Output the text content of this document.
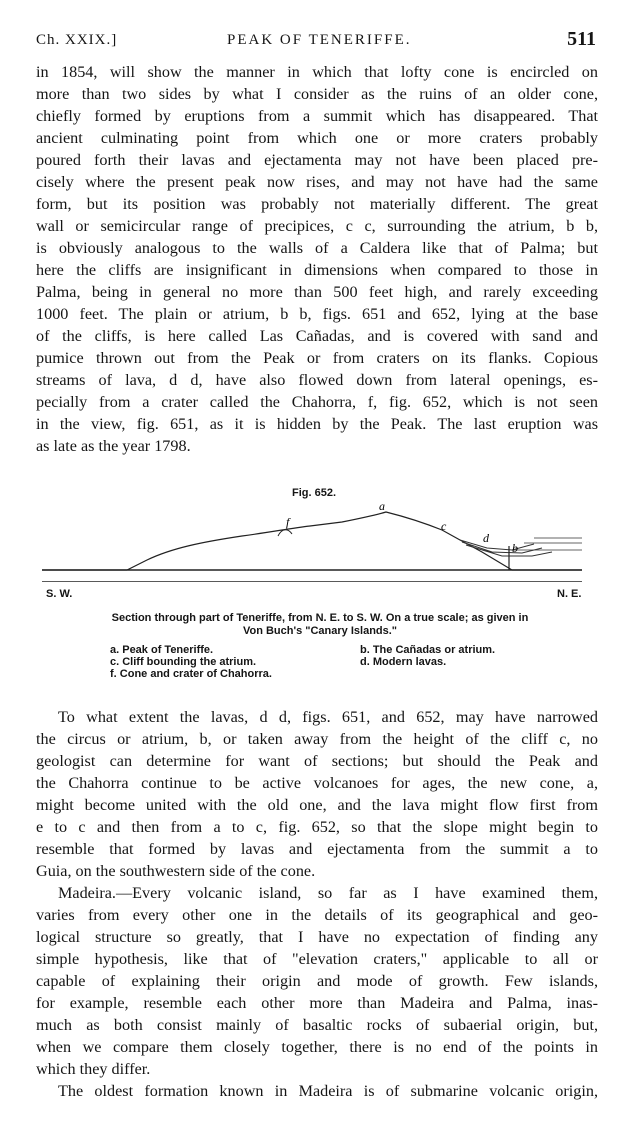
Ch. XXIX.]	PEAK OF TENERIFFE.	511

in 1854, will show the manner in which that lofty cone is encircled on

more than two sides by what I consider as the ruins of an older cone,

chiefly formed by eruptions from a summit which has disappeared. That

ancient culminating point from which one or more craters probably

poured forth their lavas and ejectamenta may not have been placed pre-

cisely where the present peak now rises, and may not have had the same

form, but its position was probably not materially different. The great

wall or semicircular range of precipices, c c, surrounding the atrium, b b,

is obviously analogous to the walls of a Caldera like that of Palma; but

here the cliffs are insignificant in dimensions when compared to those in

Palma, being in general no more than 500 feet high, and rarely exceeding

1000 feet. The plain or atrium, b b, figs. 651 and 652, lying at the base

of the cliffs, is here called Las Cañadas, and is covered with sand and

pumice thrown out from the Peak or from craters on its flanks. Copious

streams of lava, d d, have also flowed down from lateral openings, es-

pecially from a crater called the Chahorra, f, fig. 652, which is not seen

in the view, fig. 651, as it is hidden by the Peak. The last eruption was

as late as the year 1798.

Fig. 652.
f
a
c
d
b
S. W.	N. E.
Section through part of Teneriffe, from N. E. to S. W. On a true scale; as given in
Von Buch's "Canary Islands."
a. Peak of Teneriffe.
c. Cliff bounding the atrium.
f. Cone and crater of Chahorra.
b. The Cañadas or atrium.
d. Modern lavas.

To what extent the lavas, d d, figs. 651, and 652, may have narrowed

the circus or atrium, b, or taken away from the height of the cliff c, no

geologist can determine for want of sections; but should the Peak and

the Chahorra continue to be active volcanoes for ages, the new cone, a,

might become united with the old one, and the lava might flow first from

e to c and then from a to c, fig. 652, so that the slope might begin to

resemble that formed by lavas and ejectamenta from the summit a to

Guia, on the southwestern side of the cone.

Madeira.—Every volcanic island, so far as I have examined them,

varies from every other one in the details of its geographical and geo-

logical structure so greatly, that I have no expectation of finding any

simple hypothesis, like that of "elevation craters," applicable to all or

capable of explaining their origin and mode of growth. Few islands,

for example, resemble each other more than Madeira and Palma, inas-

much as both consist mainly of basaltic rocks of subaerial origin, but,

when we compare them closely together, there is no end of the points in

which they differ.

The oldest formation known in Madeira is of submarine volcanic origin,
